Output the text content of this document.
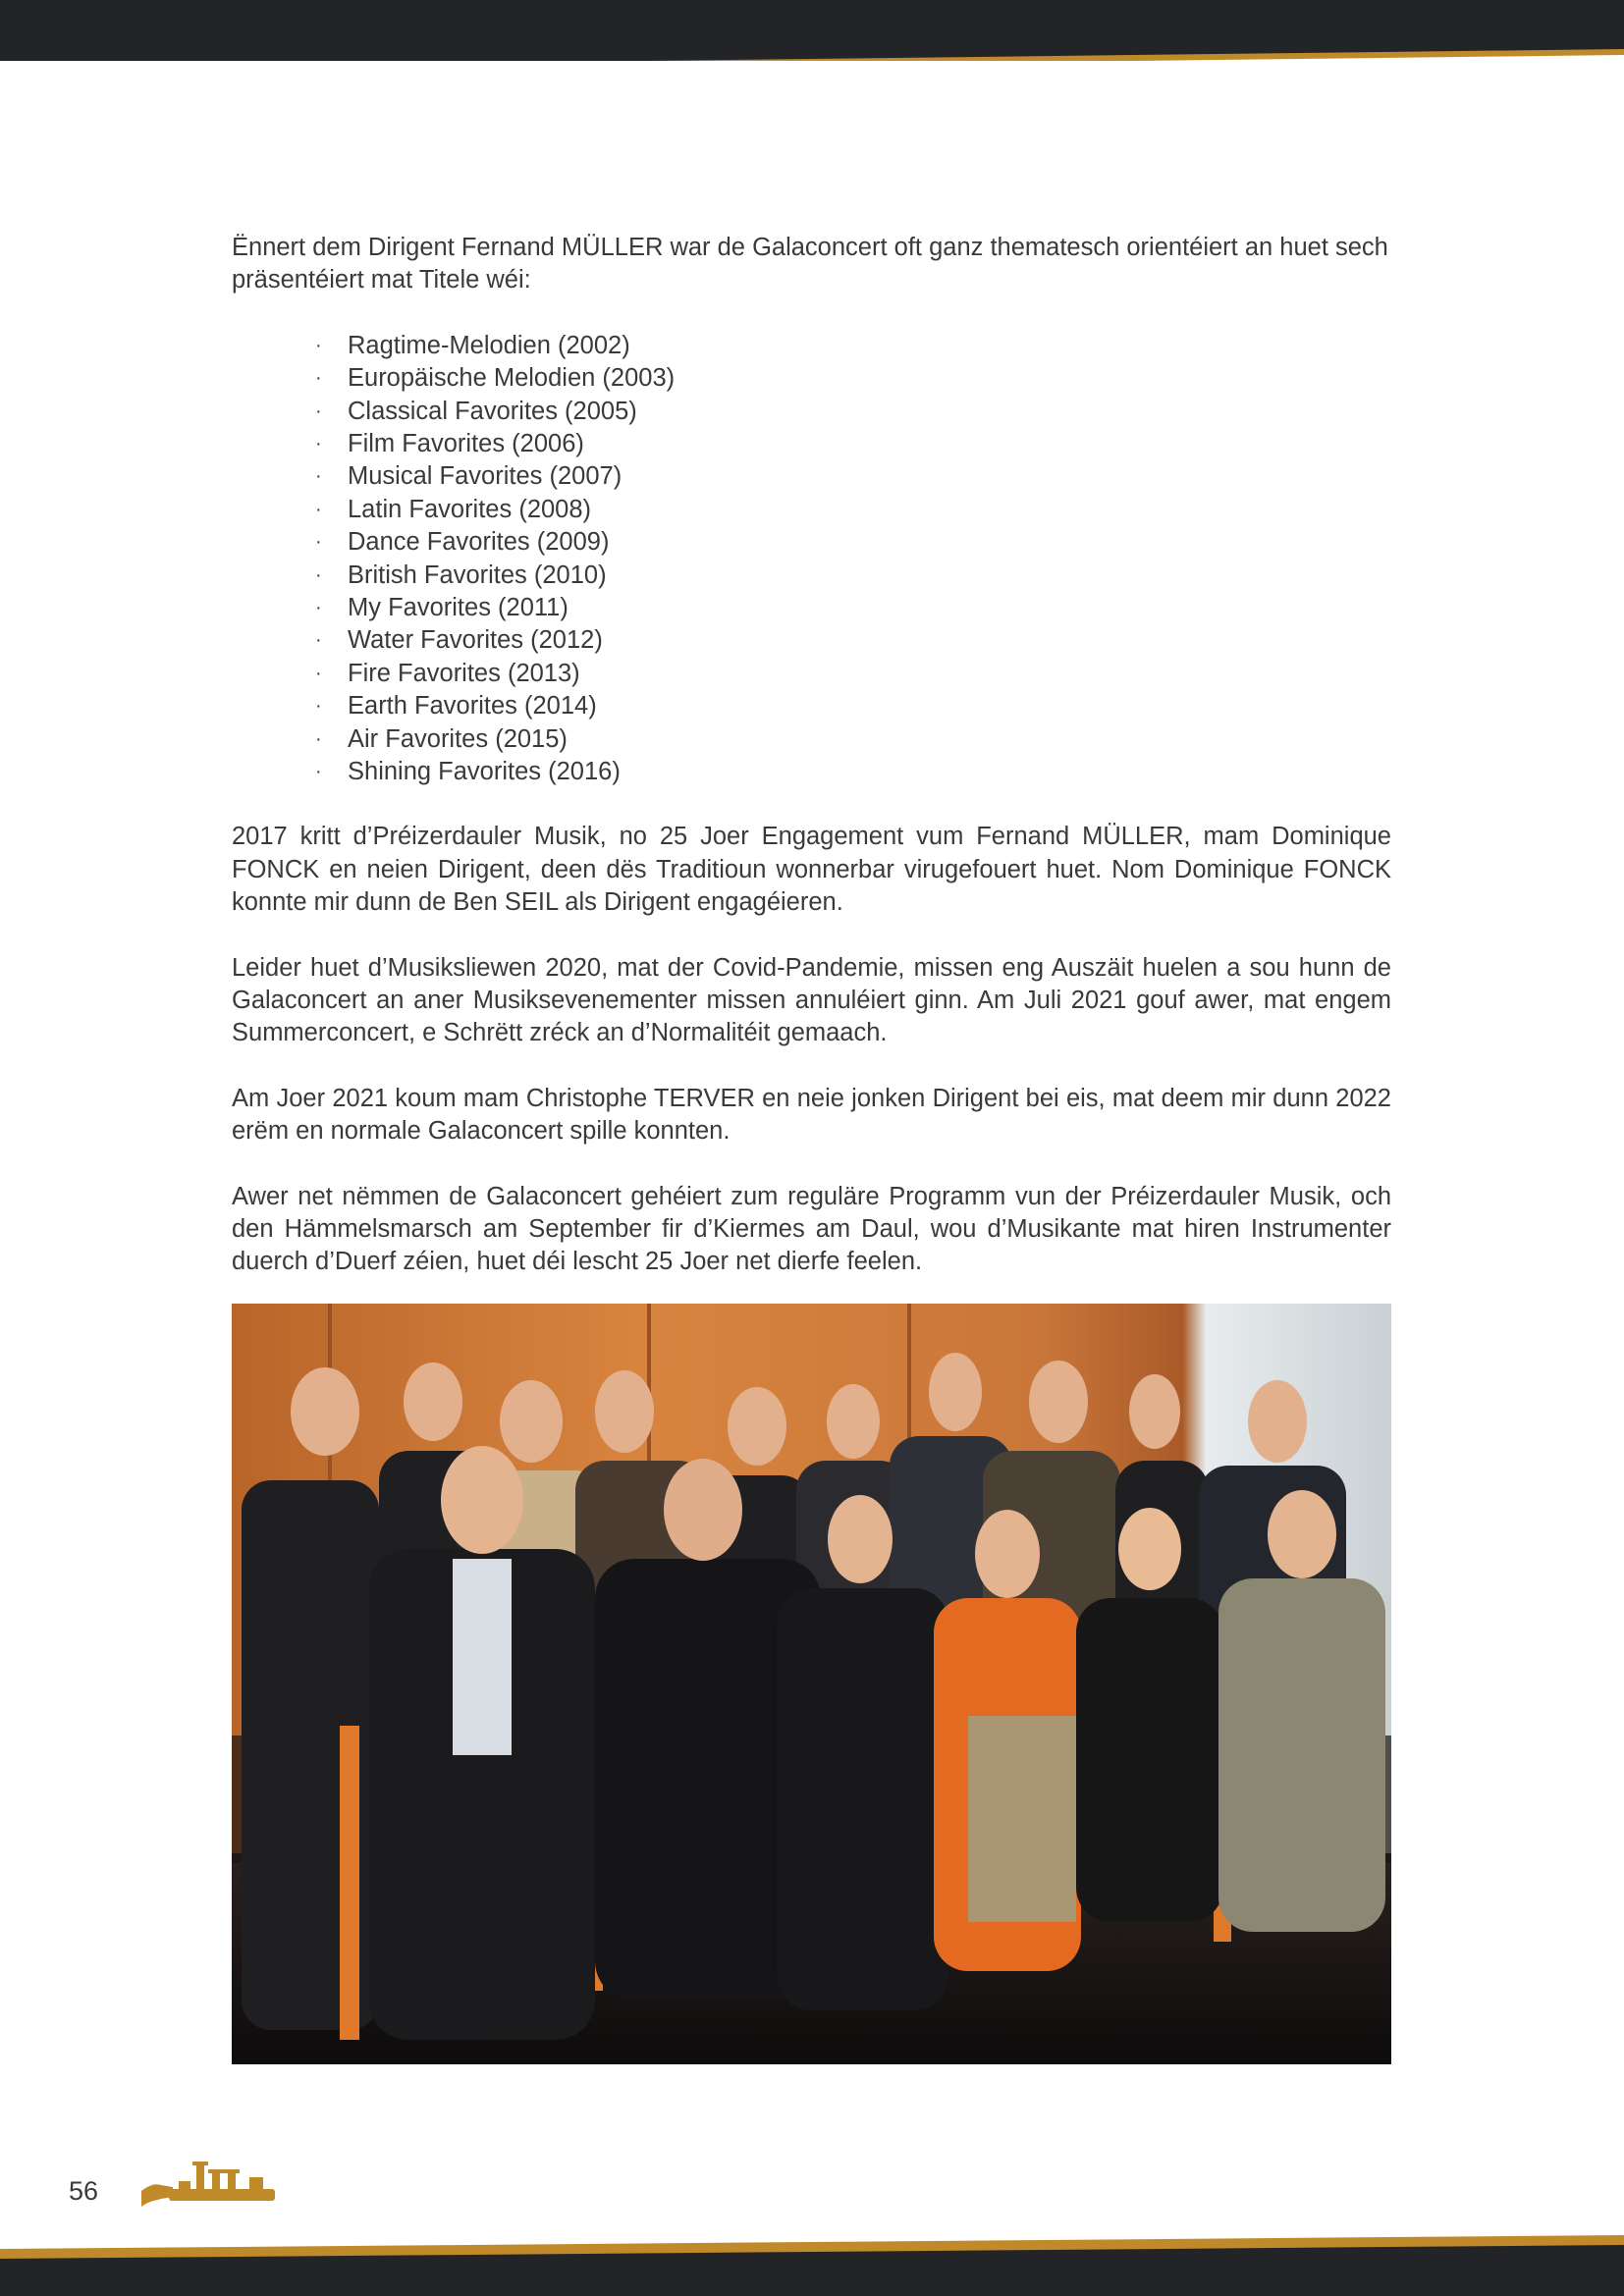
Ënnert dem Dirigent Fernand MÜLLER war de Galaconcert oft ganz thematesch orientéiert an huet sech präsentéiert mat Titele wéi:

· Ragtime-Melodien (2002)
· Europäische Melodien (2003)
· Classical Favorites (2005)
· Film Favorites (2006)
· Musical Favorites (2007)
· Latin Favorites (2008)
· Dance Favorites (2009)
· British Favorites (2010)
· My Favorites (2011)
· Water Favorites (2012)
· Fire Favorites (2013)
· Earth Favorites (2014)
· Air Favorites (2015)
· Shining Favorites (2016)

2017 kritt d’Préizerdauler Musik, no 25 Joer Engagement vum Fernand MÜLLER, mam Dominique FONCK en neien Dirigent, deen dës Traditioun wonnerbar virugefouert huet. Nom Dominique FONCK konnte mir dunn de Ben SEIL als Dirigent engagéieren.

Leider huet d’Musiksliewen 2020, mat der Covid-Pandemie, missen eng Auszäit huelen a sou hunn de Galaconcert an aner Musiksevenementer missen annuléiert ginn. Am Juli 2021 gouf awer, mat engem Summerconcert, e Schrëtt zréck an d’Normalitéit gemaach.

Am Joer 2021 koum mam Christophe TERVER en neie jonken Dirigent bei eis, mat deem mir dunn 2022 erëm en normale Galaconcert spille konnten.

Awer net nëmmen de Galaconcert gehéiert zum reguläre Programm vun der Préizerdauler Musik, och den Hämmelsmarsch am September fir d’Kiermes am Daul, wou d’Musikante mat hiren Instrumenter duerch d’Duerf zéien, huet déi lescht 25 Joer net dierfe feelen.

56
